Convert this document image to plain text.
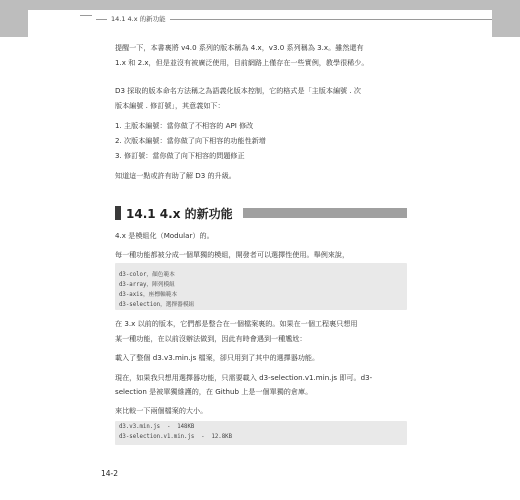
14.1 4.x 的新功能
提醒一下，本書裏將 v4.0 系列的版本稱為 4.x，v3.0 系列稱為 3.x。雖然還有
1.x 和 2.x，但是並沒有被廣泛使用，目前網路上僅存在一些實例，教學很稀少。
D3 採取的版本命名方法稱之為語義化版本控制，它的格式是「主版本編號 . 次
版本編號 . 修訂號」，其意義如下：
1. 主版本編號：當你做了不相容的 API 修改
2. 次版本編號：當你做了向下相容的功能性新增
3. 修訂號：當你做了向下相容的問題修正
知道這一點或許有助了解 D3 的升級。
14.1 4.x 的新功能
4.x 是模組化（Modular）的。
每一種功能都被分成一個單獨的模組，開發者可以選擇性使用。舉例來說，
d3-color，顏色範本
d3-array，陣列模組
d3-axis，座標軸範本
d3-selection，選擇器模組
在 3.x 以前的版本，它們都是整合在一個檔案裏的。如果在一個工程裏只想用
某一種功能，在以前沒辦法做到，因此有時會遇到一種尷尬：
載入了整個 d3.v3.min.js 檔案，卻只用到了其中的選擇器功能。
現在，如果我只想用選擇器功能，只需要載入 d3-selection.v1.min.js 即可。d3-
selection 是被單獨維護的，在 Github 上是一個單獨的倉庫。
來比較一下兩個檔案的大小。
d3.v3.min.js  -  148KB
d3-selection.v1.min.js  -  12.8KB
14-2
